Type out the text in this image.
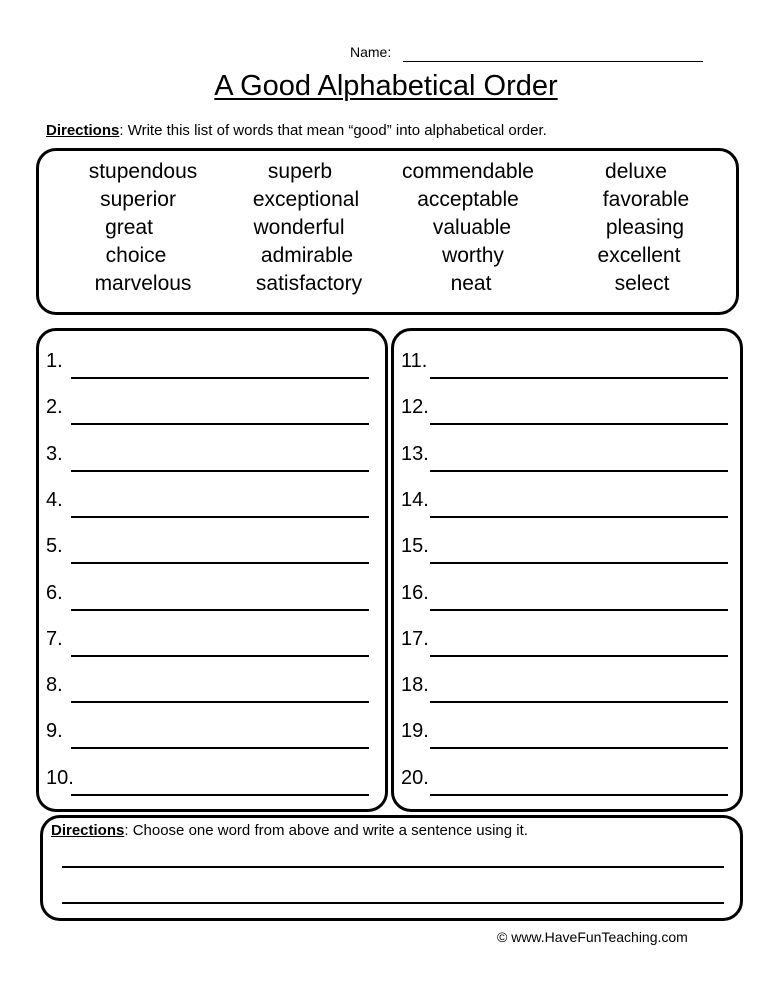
Name:
A Good Alphabetical Order
Directions: Write this list of words that mean “good” into alphabetical order.
stupendous	superb	commendable	deluxe
superior	exceptional	acceptable	favorable
great	wonderful	valuable	pleasing
choice	admirable	worthy	excellent
marvelous	satisfactory	neat	select
1.
2.
3.
4.
5.
6.
7.
8.
9.
10.
11.
12.
13.
14.
15.
16.
17.
18.
19.
20.
Directions: Choose one word from above and write a sentence using it.
© www.HaveFunTeaching.com
